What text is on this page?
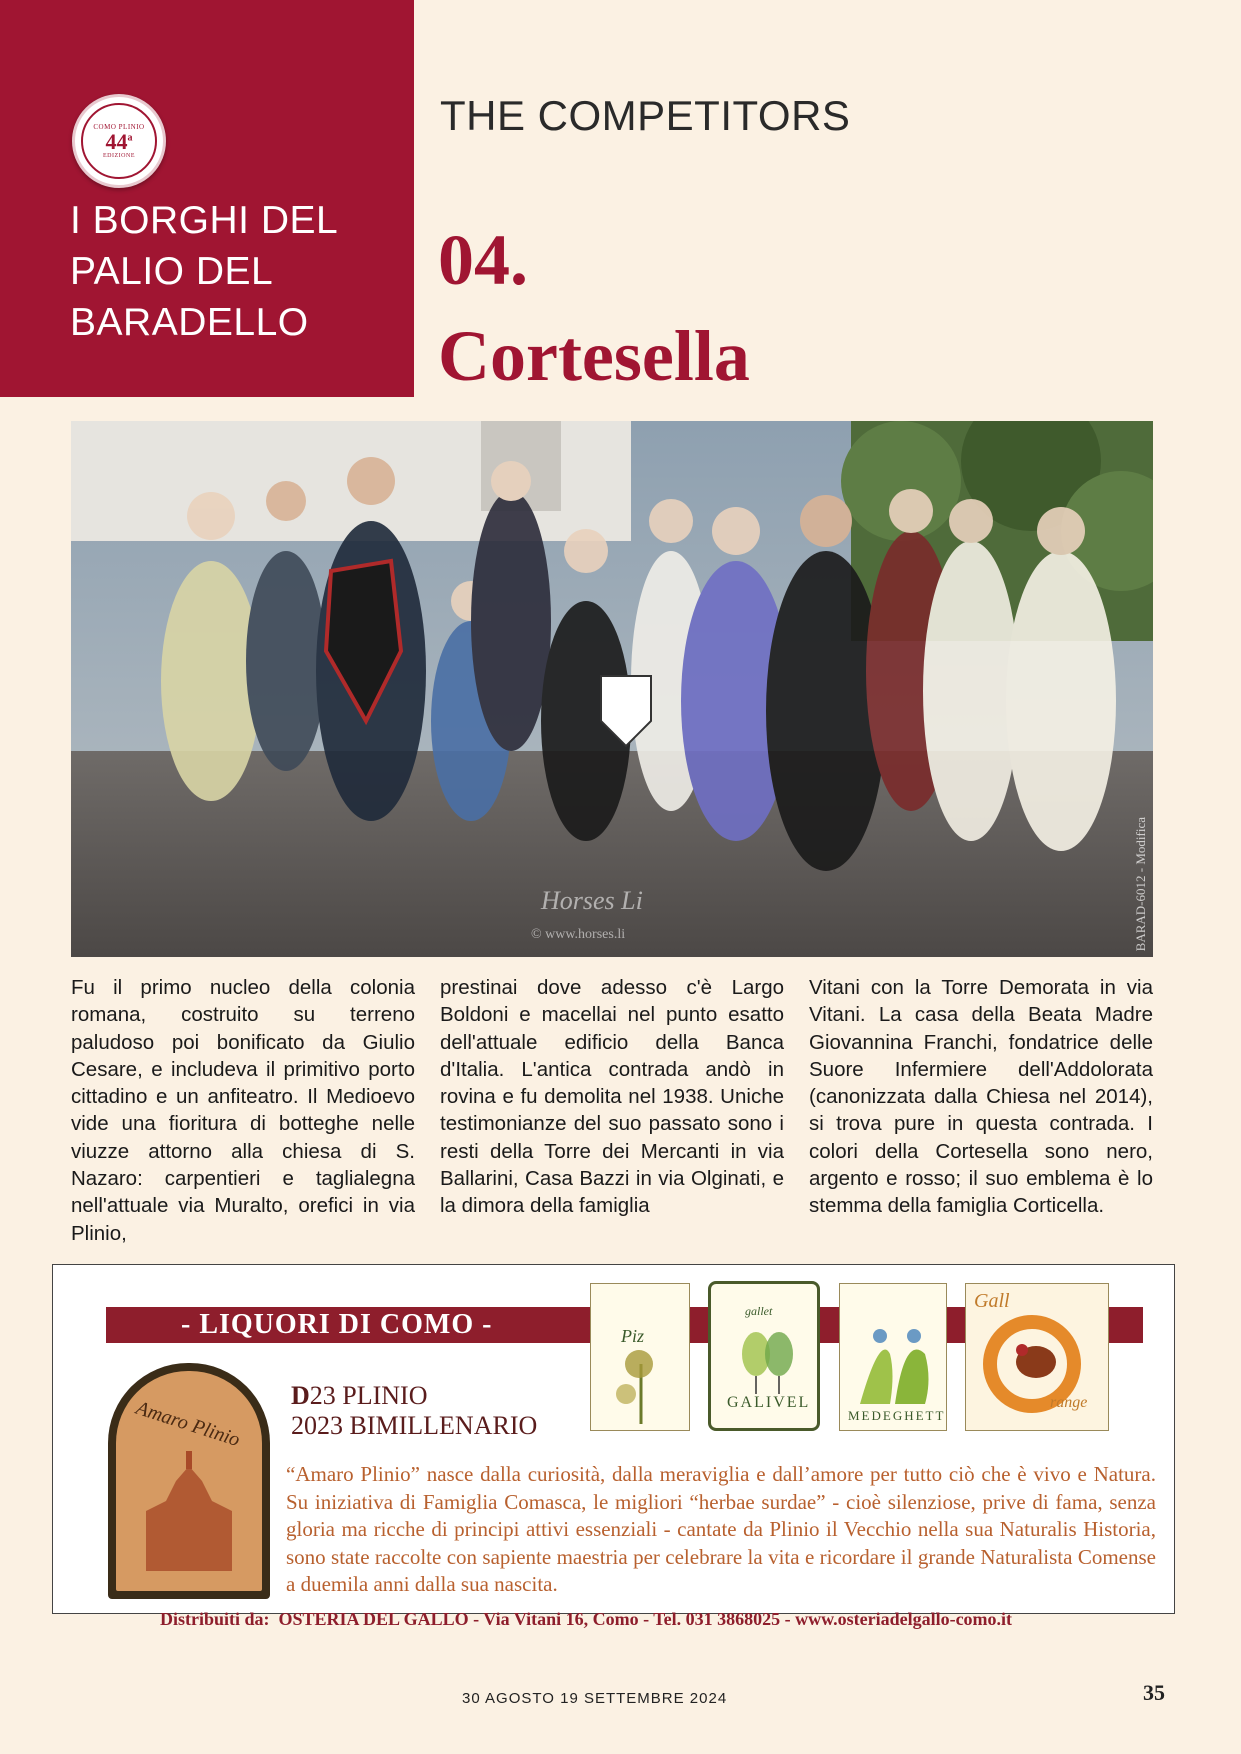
COMO PLINIO
44$^a$
EDIZIONE
I BORGHI DEL PALIO DEL BARADELLO
THE COMPETITORS
04.
Cortesella
Horses Li
© www.horses.li	BARAD-6012 - Modifica

Fu il primo nucleo della colonia romana, costruito su terreno paludoso poi bonificato da Giulio Cesare, e includeva il primitivo porto cittadino e un anfiteatro. Il Medioevo vide una fioritura di botteghe nelle viuzze attorno alla chiesa di S. Nazaro: carpentieri e taglialegna nell'attuale via Muralto, orefici in via Plinio,

prestinai dove adesso c'è Largo Boldoni e macellai nel punto esatto dell'attuale edificio della Banca d'Italia. L'antica contrada andò in rovina e fu demolita nel 1938. Uniche testimonianze del suo passato sono i resti della Torre dei Mercanti in via Ballarini, Casa Bazzi in via Olginati, e la dimora della famiglia

Vitani con la Torre Demorata in via Vitani. La casa della Beata Madre Giovannina Franchi, fondatrice delle Suore Infermiere dell'Addolorata (canonizzata dalla Chiesa nel 2014), si trova pure in questa contrada. I colori della Cortesella sono nero, argento e rosso; il suo emblema è lo stemma della famiglia Corticella.

- LIQUORI DI COMO -
Amaro Plinio
D23 PLINIO
2023 BIMILLENARIO
Piz
gallet
GALIVEL
MEDEGHETT
Gall
range

“Amaro Plinio” nasce dalla curiosità, dalla meraviglia e dall’amore per tutto ciò che è vivo e Natura. Su iniziativa di Famiglia Comasca, le migliori “herbae surdae” - cioè silenziose, prive di fama, senza gloria ma ricche di principi attivi essenziali - cantate da Plinio il Vecchio nella sua Naturalis Historia, sono state raccolte con sapiente maestria per celebrare la vita e ricordare il grande Naturalista Comense a duemila anni dalla sua nascita.

Distribuiti da: OSTERIA DEL GALLO - Via Vitani 16, Como - Tel. 031 3868025 - www.osteriadelgallo-como.it
30 AGOSTO 19 SETTEMBRE 2024	35
